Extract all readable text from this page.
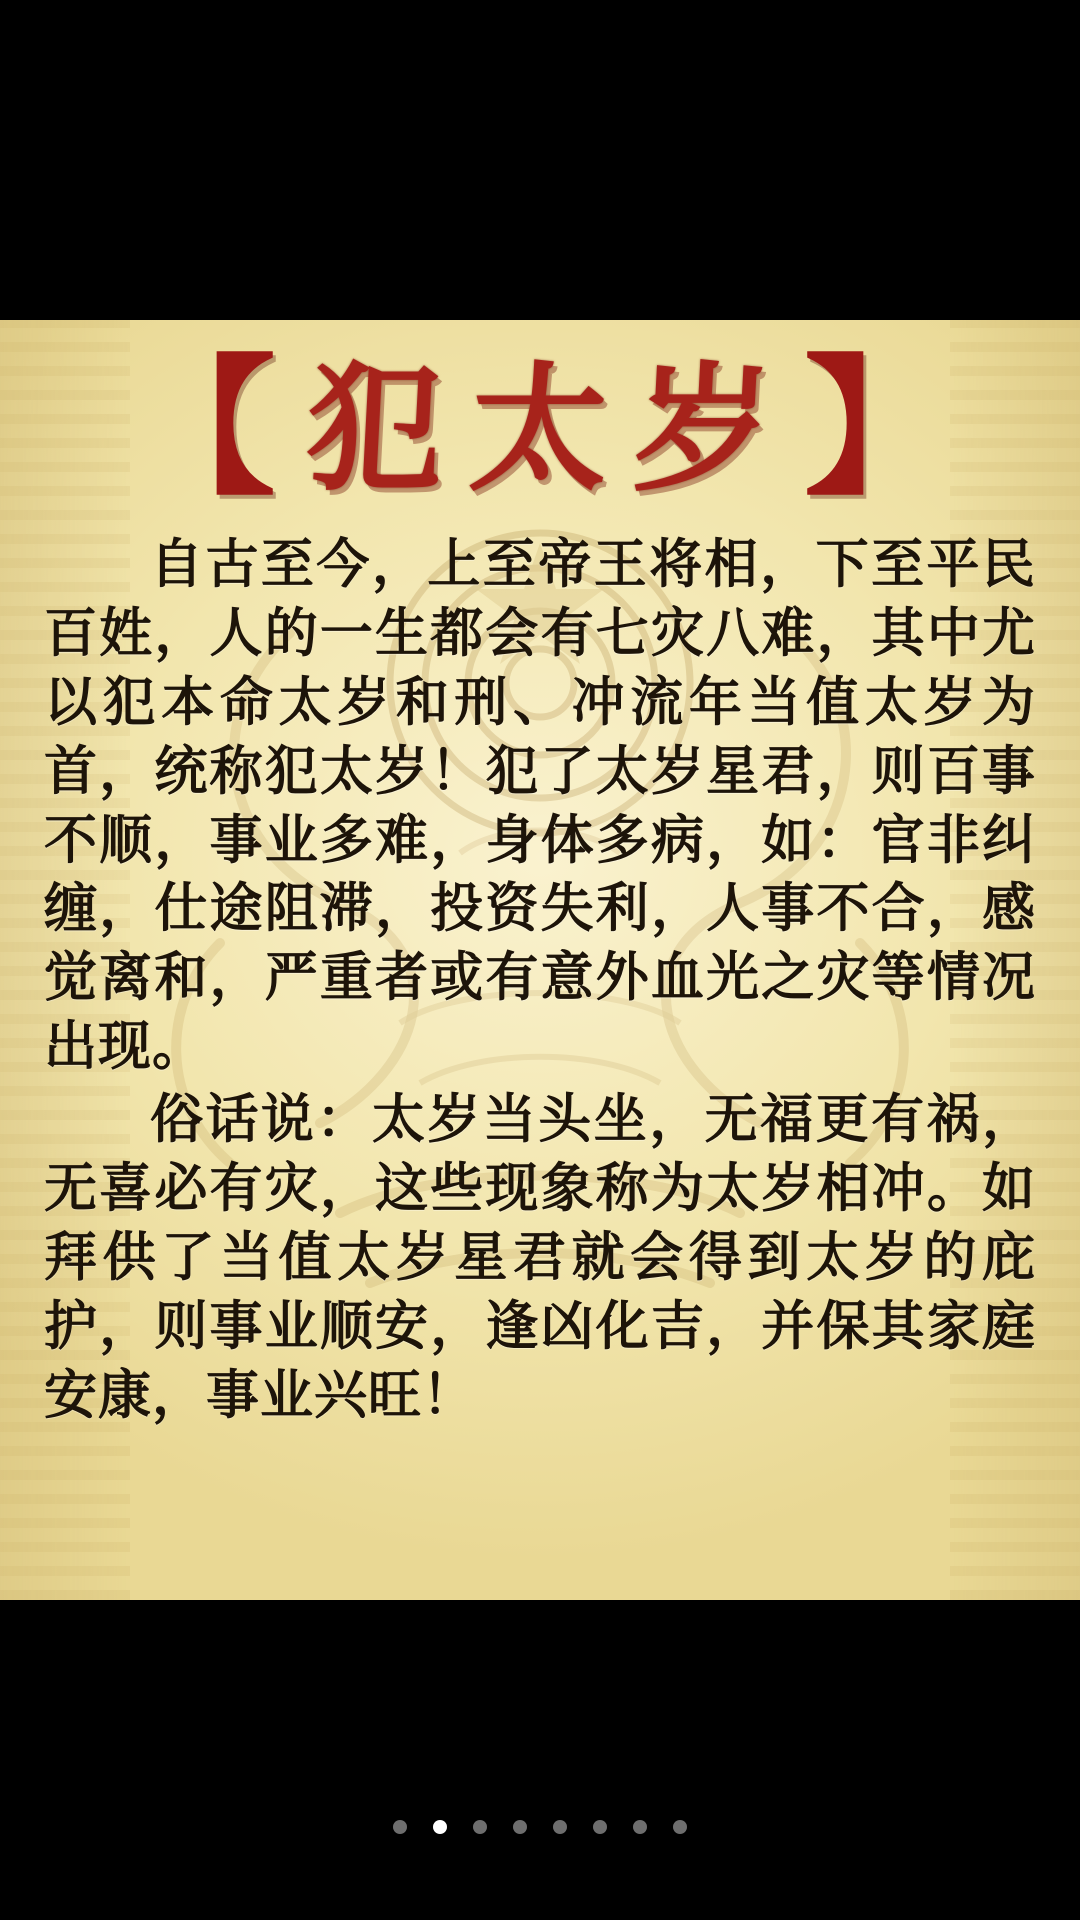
【 犯太岁 】

自古至今，上至帝王将相，下至平民百姓，人的一生都会有七灾八难，其中尤以犯本命太岁和刑、冲流年当值太岁为首，统称犯太岁！犯了太岁星君，则百事不顺，事业多难，身体多病，如：官非纠缠，仕途阻滞，投资失利，人事不合，感觉离和，严重者或有意外血光之灾等情况出现。

俗话说：太岁当头坐，无福更有祸，无喜必有灾，这些现象称为太岁相冲。如拜供了当值太岁星君就会得到太岁的庇护，则事业顺安，逢凶化吉，并保其家庭安康，事业兴旺！
